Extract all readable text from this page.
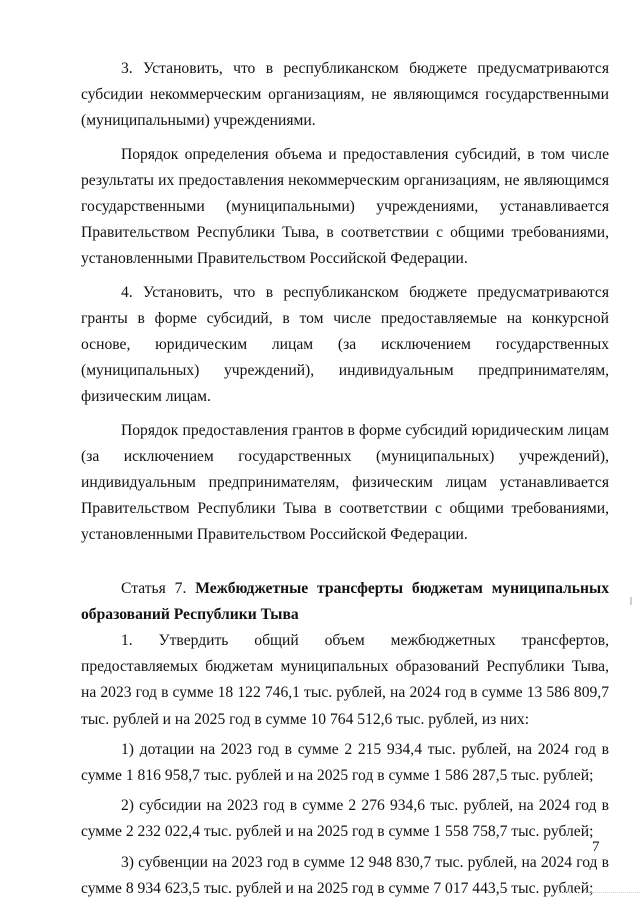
3. Установить, что в республиканском бюджете предусматриваются субсидии некоммерческим организациям, не являющимся государственными (муниципальными) учреждениями.

Порядок определения объема и предоставления субсидий, в том числе результаты их предоставления некоммерческим организациям, не являющимся государственными (муниципальными) учреждениями, устанавливается Правительством Республики Тыва, в соответствии с общими требованиями, установленными Правительством Российской Федерации.

4. Установить, что в республиканском бюджете предусматриваются гранты в форме субсидий, в том числе предоставляемые на конкурсной основе, юридическим лицам (за исключением государственных (муниципальных) учреждений), индивидуальным предпринимателям, физическим лицам.

Порядок предоставления грантов в форме субсидий юридическим лицам (за исключением государственных (муниципальных) учреждений), индивидуальным предпринимателям, физическим лицам устанавливается Правительством Республики Тыва в соответствии с общими требованиями, установленными Правительством Российской Федерации.

Статья 7. Межбюджетные трансферты бюджетам муниципальных образований Республики Тыва

1. Утвердить общий объем межбюджетных трансфертов, предоставляемых бюджетам муниципальных образований Республики Тыва, на 2023 год в сумме 18 122 746,1 тыс. рублей, на 2024 год в сумме 13 586 809,7 тыс. рублей и на 2025 год в сумме 10 764 512,6 тыс. рублей, из них:

1) дотации на 2023 год в сумме 2 215 934,4 тыс. рублей, на 2024 год в сумме 1 816 958,7 тыс. рублей и на 2025 год в сумме 1 586 287,5 тыс. рублей;

2) субсидии на 2023 год в сумме 2 276 934,6 тыс. рублей, на 2024 год в сумме 2 232 022,4 тыс. рублей и на 2025 год в сумме 1 558 758,7 тыс. рублей;

3) субвенции на 2023 год в сумме 12 948 830,7 тыс. рублей, на 2024 год в сумме 8 934 623,5 тыс. рублей и на 2025 год в сумме 7 017 443,5 тыс. рублей;

7
